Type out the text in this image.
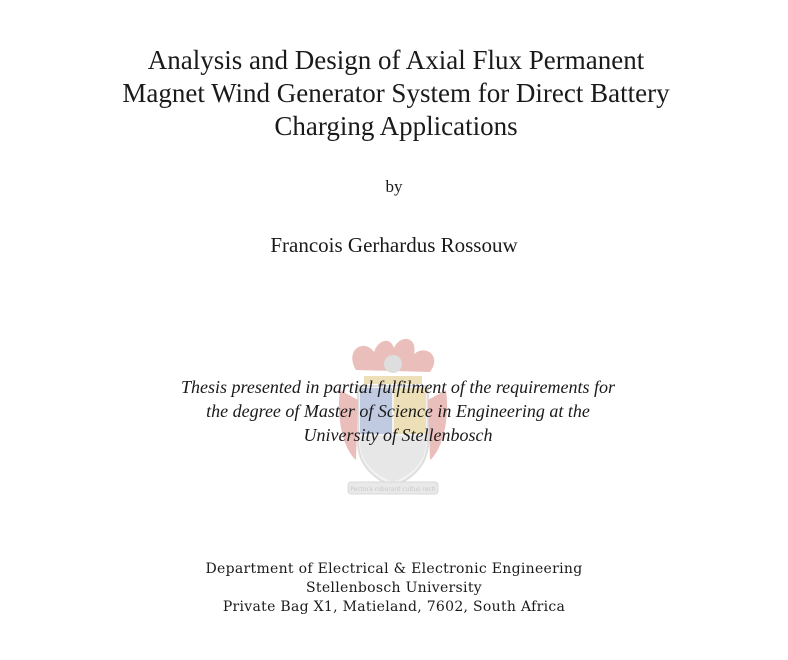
Analysis and Design of Axial Flux Permanent
Magnet Wind Generator System for Direct Battery
Charging Applications
by
Francois Gerhardus Rossouw
Pectora roborant cultus recti
Thesis presented in partial fulfilment of the requirements for
the degree of Master of Science in Engineering at the
University of Stellenbosch
Department of Electrical & Electronic Engineering
Stellenbosch University
Private Bag X1, Matieland, 7602, South Africa
